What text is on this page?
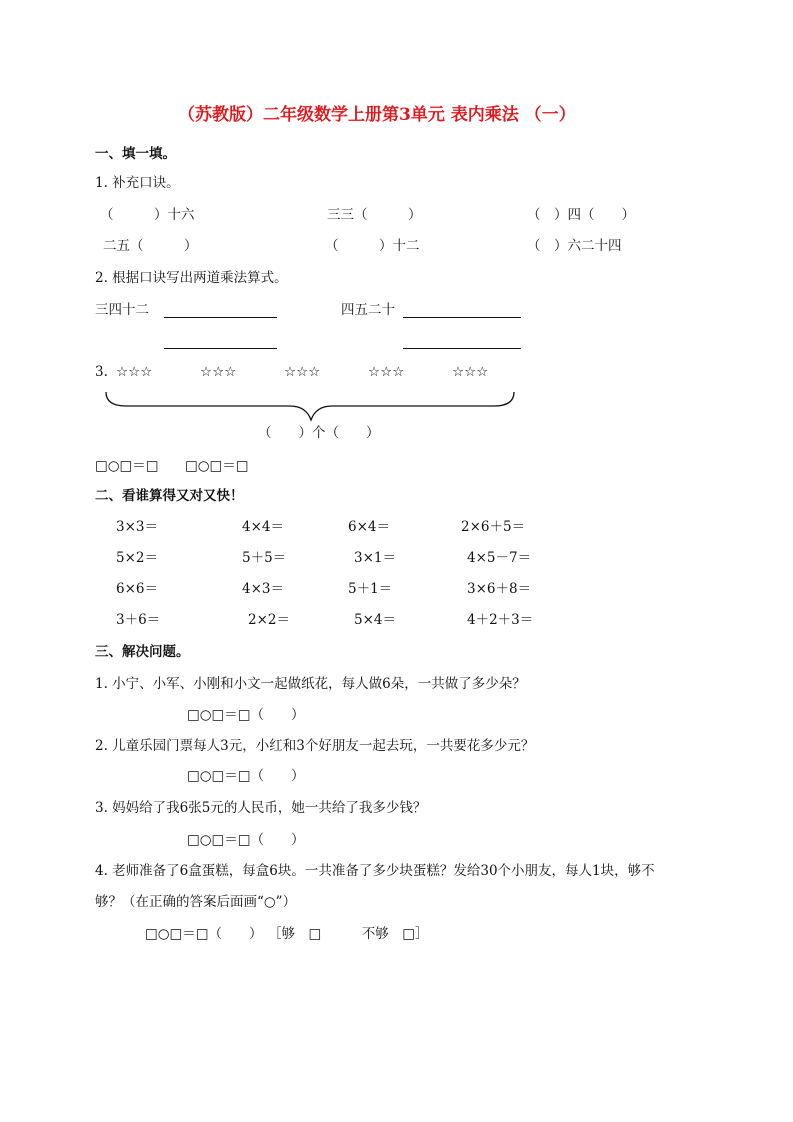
（苏教版）二年级数学上册第3单元 表内乘法 （一）
一、填一填。
1. 补充口诀。
（　　　）十六	三三（　　　）	（　）四（　　）
二五（　　　）	（　　　）十二	（　）六二十四
2. 根据口诀写出两道乘法算式。
三四十二	四五二十
3. ☆☆☆	☆☆☆	☆☆☆	☆☆☆	☆☆☆
（　　）个（　　）
□○□＝□ □○□＝□
二、看谁算得又对又快！
3×3＝	4×4＝	6×4＝	2×6＋5＝
5×2＝	5＋5＝	3×1＝	4×5－7＝
6×6＝	4×3＝	5＋1＝	3×6＋8＝
3＋6＝	2×2＝	5×4＝	4＋2＋3＝
三、解决问题。
1. 小宁、小军、小刚和小文一起做纸花，每人做6朵，一共做了多少朵？
□○□＝□（　　）
2. 儿童乐园门票每人3元，小红和3个好朋友一起去玩，一共要花多少元？
□○□＝□（　　）
3. 妈妈给了我6张5元的人民币，她一共给了我多少钱？
□○□＝□（　　）
4. 老师准备了6盒蛋糕，每盒6块。一共准备了多少块蛋糕？发给30个小朋友，每人1块，够不
够？（在正确的答案后面画“○”）
□○□＝□（　　） ［够　□　　　不够　□］
